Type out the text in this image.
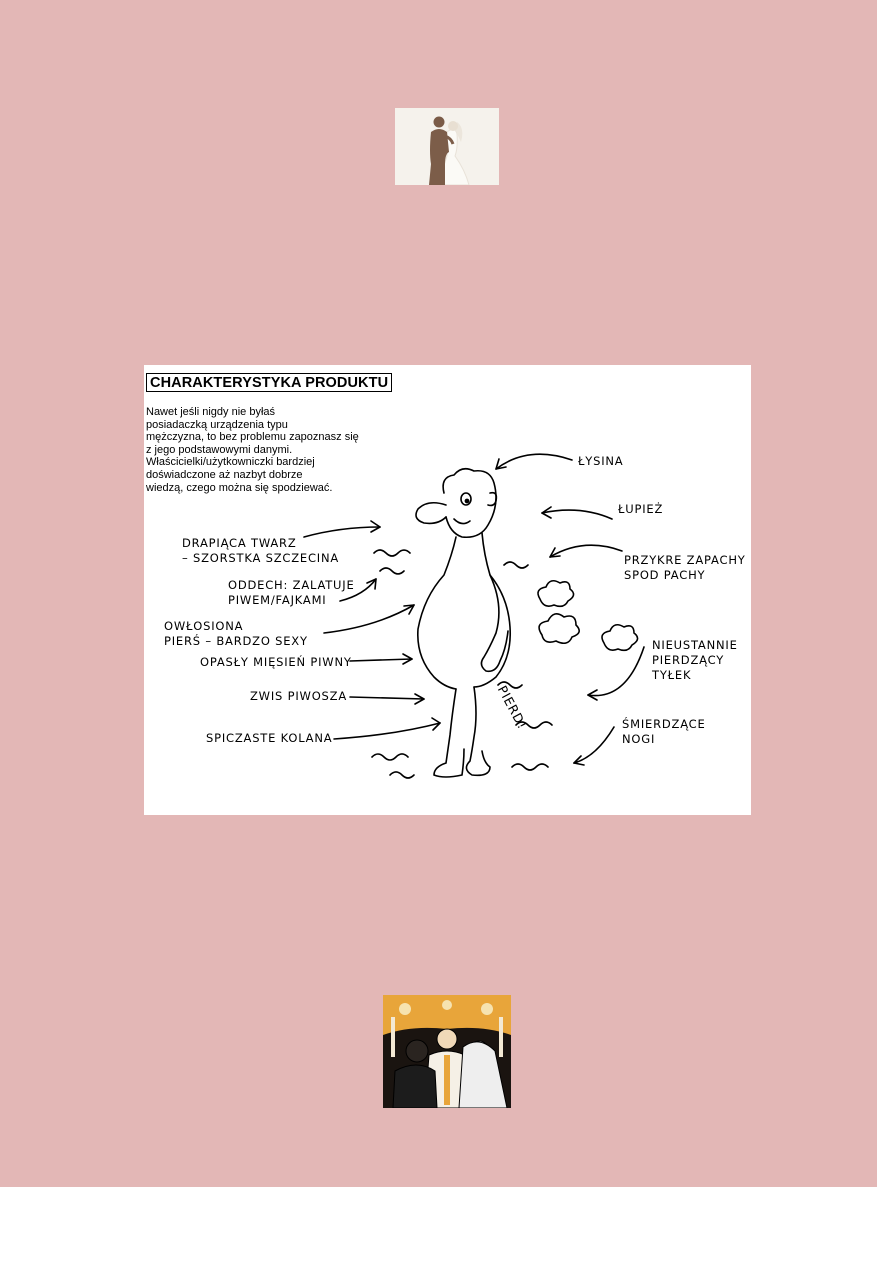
CHARAKTERYSTYKA PRODUKTU
Nawet jeśli nigdy nie byłaś
posiadaczką urządzenia typu
mężczyzna, to bez problemu zapoznasz się
z jego podstawowymi danymi.
Właścicielki/użytkowniczki bardziej
doświadczone aż nazbyt dobrze
wiedzą, czego można się spodziewać.
ŁYSINA
ŁUPIEŻ
DRAPIĄCA TWARZ
– SZORSTKA SZCZECINA
ODDECH: ZALATUJE
PIWEM/FAJKAMI
OWŁOSIONA
PIERŚ – BARDZO SEXY
OPASŁY MIĘSIEŃ PIWNY
ZWIS PIWOSZA
SPICZASTE KOLANA
PRZYKRE ZAPACHY
SPOD PACHY
NIEUSTANNIE
PIERDZĄCY
TYŁEK
ŚMIERDZĄCE
NOGI
PIERD!
